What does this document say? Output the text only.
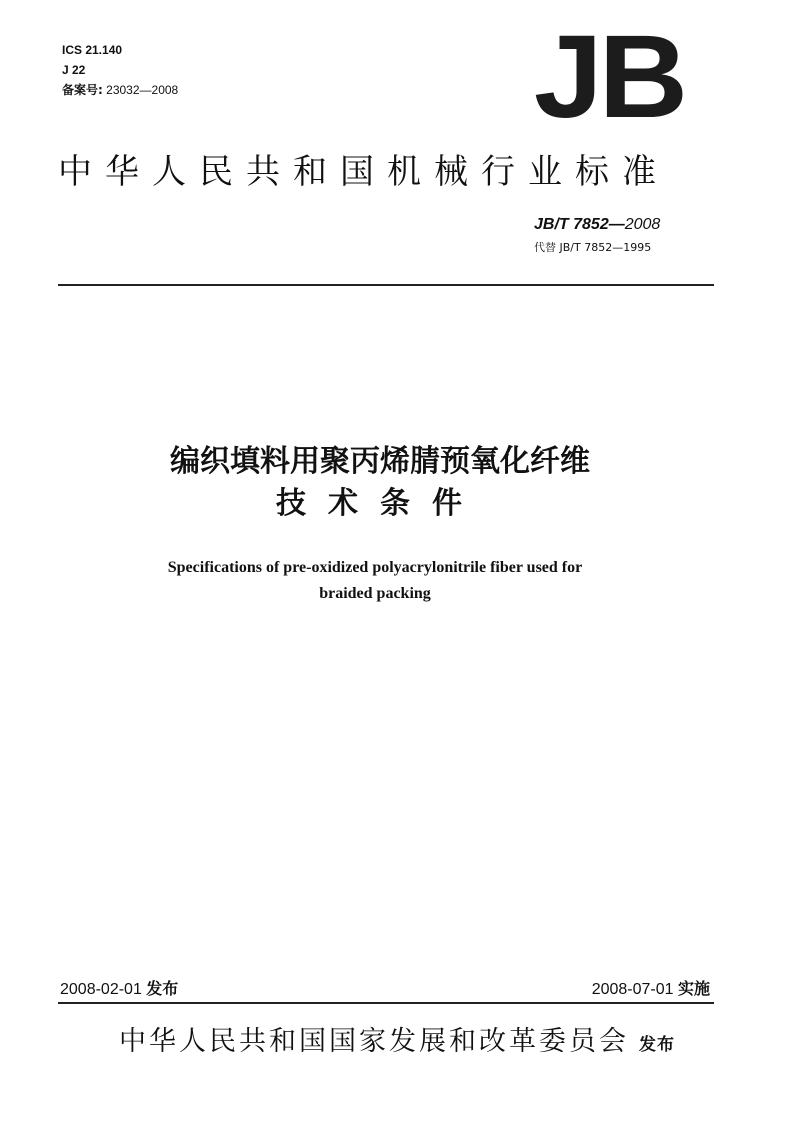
ICS 21.140
J 22
备案号: 23032—2008	JB
中华人民共和国机械行业标准
JB/T 7852—2008
代替 JB/T 7852—1995
编织填料用聚丙烯腈预氧化纤维
技术条件
Specifications of pre-oxidized polyacrylonitrile fiber used for
braided packing
2008-02-01 发布	2008-07-01 实施
中华人民共和国国家发展和改革委员会 发布
